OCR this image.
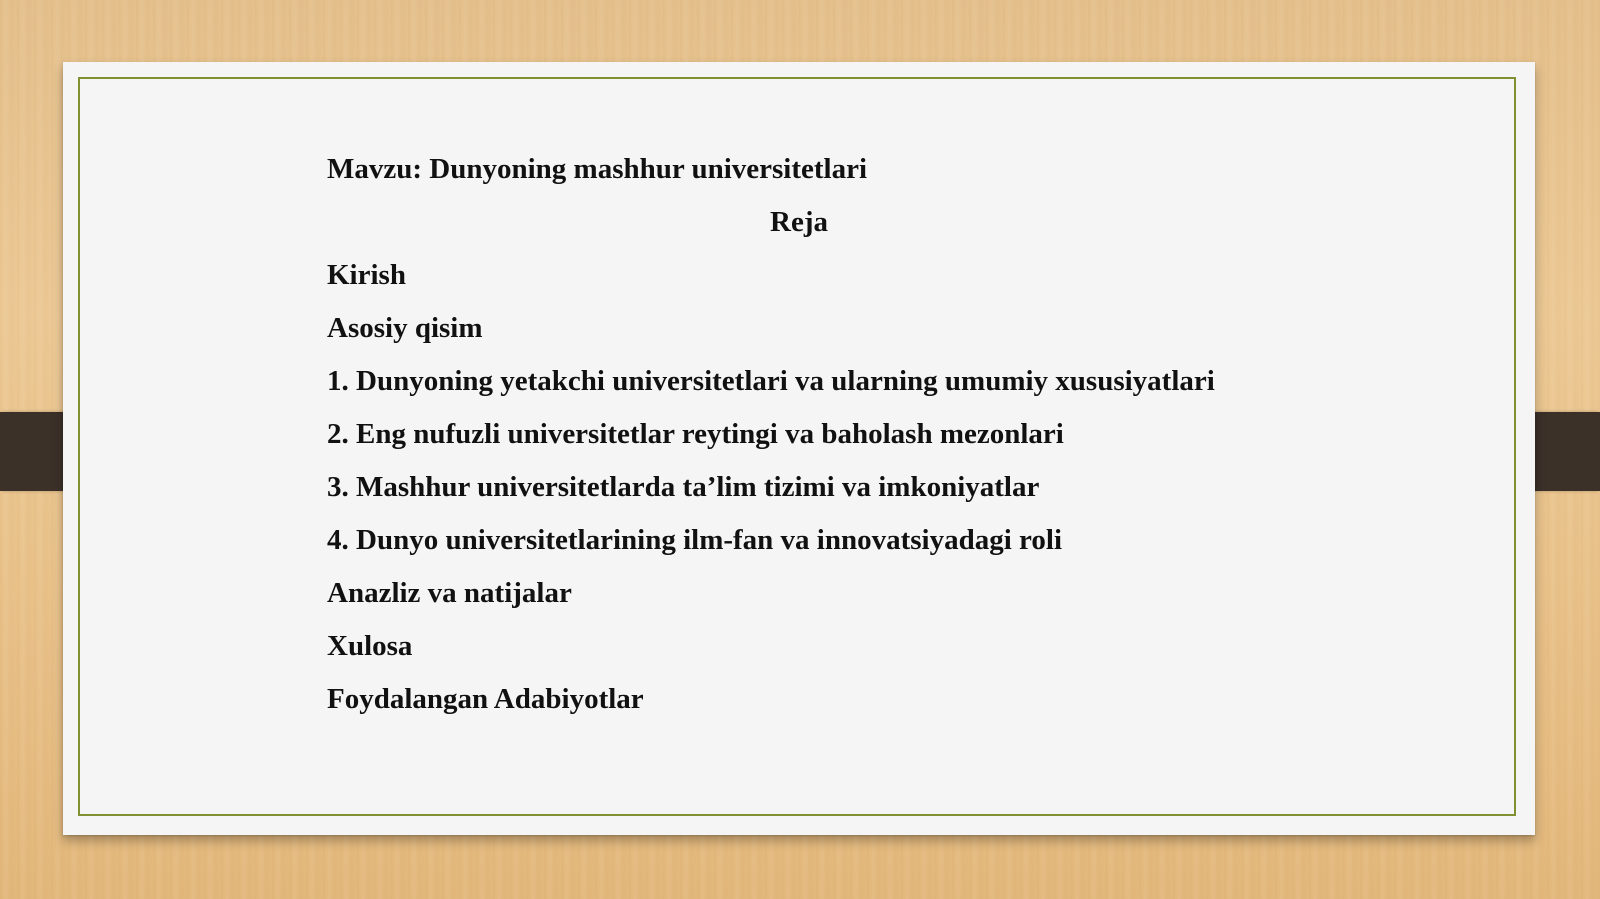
Mavzu: Dunyoning mashhur universitetlari

Reja

Kirish

Asosiy qisim

1. Dunyoning yetakchi universitetlari va ularning umumiy xususiyatlari

2. Eng nufuzli universitetlar reytingi va baholash mezonlari

3. Mashhur universitetlarda ta’lim tizimi va imkoniyatlar

4. Dunyo universitetlarining ilm-fan va innovatsiyadagi roli

Anazliz va natijalar

Xulosa

Foydalangan Adabiyotlar
